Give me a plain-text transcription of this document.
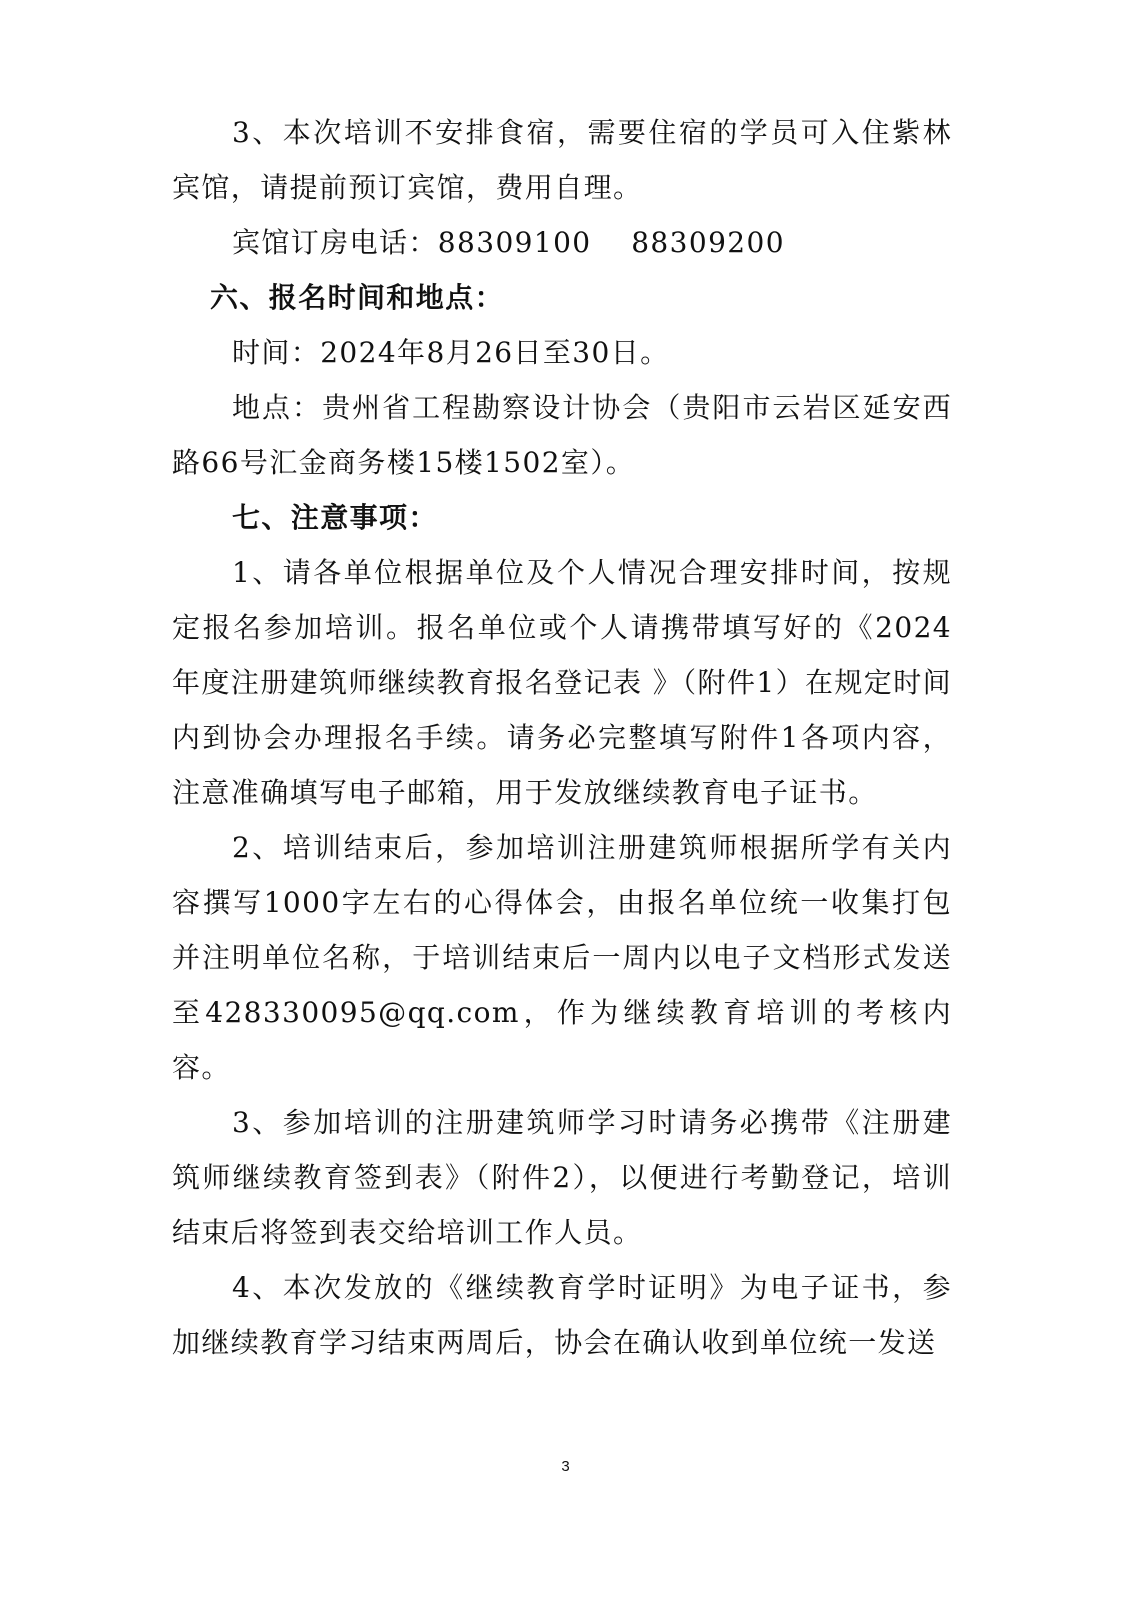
3、本次培训不安排食宿，需要住宿的学员可入住紫林宾馆，请提前预订宾馆，费用自理。

宾馆订房电话：88309100　 88309200

六、报名时间和地点：

时间：2024年8月26日至30日。

地点：贵州省工程勘察设计协会（贵阳市云岩区延安西路66号汇金商务楼15楼1502室）。

七、注意事项：

1、请各单位根据单位及个人情况合理安排时间，按规定报名参加培训。报名单位或个人请携带填写好的《2024年度注册建筑师继续教育报名登记表 》（附件1）在规定时间内到协会办理报名手续。请务必完整填写附件1各项内容，注意准确填写电子邮箱，用于发放继续教育电子证书。

2、培训结束后，参加培训注册建筑师根据所学有关内容撰写1000字左右的心得体会，由报名单位统一收集打包并注明单位名称，于培训结束后一周内以电子文档形式发送至428330095@qq.com，作为继续教育培训的考核内容。

3、参加培训的注册建筑师学习时请务必携带《注册建筑师继续教育签到表》（附件2），以便进行考勤登记，培训结束后将签到表交给培训工作人员。

4、本次发放的《继续教育学时证明》为电子证书，参加继续教育学习结束两周后，协会在确认收到单位统一发送

3
